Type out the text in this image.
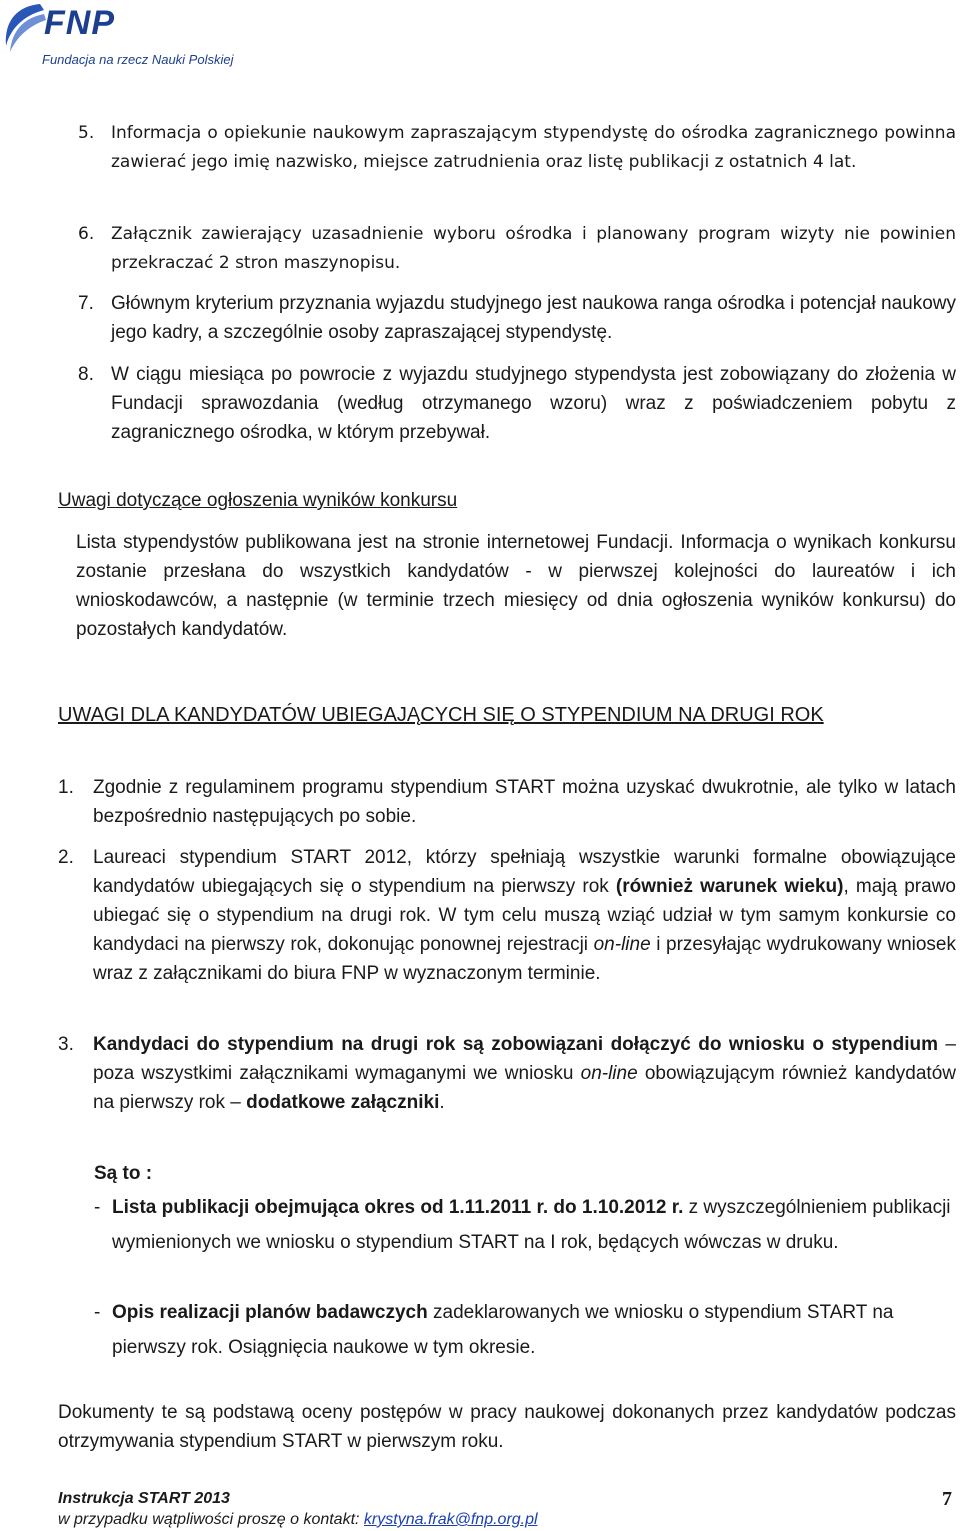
FNP
Fundacja na rzecz Nauki Polskiej
5. Informacja o opiekunie naukowym zapraszającym stypendystę do ośrodka zagranicznego powinna zawierać jego imię nazwisko, miejsce zatrudnienia oraz listę publikacji z ostatnich 4 lat.
6. Załącznik zawierający uzasadnienie wyboru ośrodka i planowany program wizyty nie powinien przekraczać 2 stron maszynopisu.
7. Głównym kryterium przyznania wyjazdu studyjnego jest naukowa ranga ośrodka i potencjał naukowy jego kadry, a szczególnie osoby zapraszającej stypendystę.
8. W ciągu miesiąca po powrocie z wyjazdu studyjnego stypendysta jest zobowiązany do złożenia w Fundacji sprawozdania (według otrzymanego wzoru) wraz z poświadczeniem pobytu z zagranicznego ośrodka, w którym przebywał.
Uwagi dotyczące ogłoszenia wyników konkursu
Lista stypendystów publikowana jest na stronie internetowej Fundacji. Informacja o wynikach konkursu zostanie przesłana do wszystkich kandydatów - w pierwszej kolejności do laureatów i ich wnioskodawców, a następnie (w terminie trzech miesięcy od dnia ogłoszenia wyników konkursu) do pozostałych kandydatów.
UWAGI DLA KANDYDATÓW UBIEGAJĄCYCH SIĘ O STYPENDIUM NA DRUGI ROK
1. Zgodnie z regulaminem programu stypendium START można uzyskać dwukrotnie, ale tylko w latach bezpośrednio następujących po sobie.
2. Laureaci stypendium START 2012, którzy spełniają wszystkie warunki formalne obowiązujące kandydatów ubiegających się o stypendium na pierwszy rok (również warunek wieku), mają prawo ubiegać się o stypendium na drugi rok. W tym celu muszą wziąć udział w tym samym konkursie co kandydaci na pierwszy rok, dokonując ponownej rejestracji on-line i przesyłając wydrukowany wniosek wraz z załącznikami do biura FNP w wyznaczonym terminie.
3. Kandydaci do stypendium na drugi rok są zobowiązani dołączyć do wniosku o stypendium – poza wszystkimi załącznikami wymaganymi we wniosku on-line obowiązującym również kandydatów na pierwszy rok – dodatkowe załączniki.
Są to :
- Lista publikacji obejmująca okres od 1.11.2011 r. do 1.10.2012 r. z wyszczególnieniem publikacji wymienionych we wniosku o stypendium START na I rok, będących wówczas w druku.
- Opis realizacji planów badawczych zadeklarowanych we wniosku o stypendium START na pierwszy rok. Osiągnięcia naukowe w tym okresie.
Dokumenty te są podstawą oceny postępów w pracy naukowej dokonanych przez kandydatów podczas otrzymywania stypendium START w pierwszym roku.
Instrukcja START 2013
w przypadku wątpliwości proszę o kontakt: krystyna.frak@fnp.org.pl
7
